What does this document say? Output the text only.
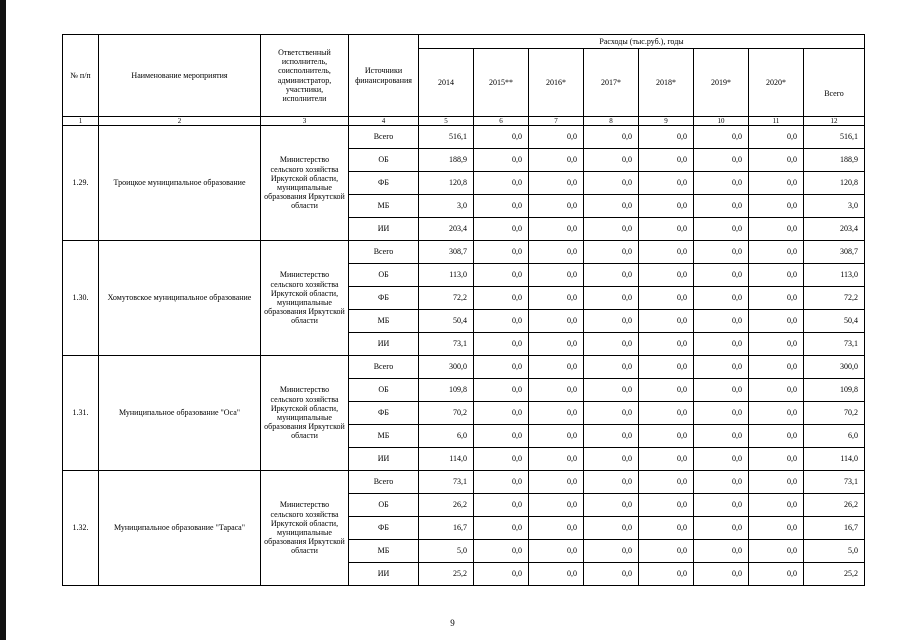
№ п/п	Наименование мероприятия	Ответственный исполнитель, соисполнитель, администратор, участники, исполнители	Источники финансирования	Расходы (тыс.руб.), годы							
				2014	2015**	2016*	2017*	2018*	2019*	2020*	Всего
1	2	3	4	5	6	7	8	9	10	11	12
1.29.	Троицкое муниципальное образование	Министерство сельского хозяйства Иркутской области, муниципальные образования Иркутской области	Всего	516,1	0,0	0,0	0,0	0,0	0,0	0,0	516,1
			ОБ	188,9	0,0	0,0	0,0	0,0	0,0	0,0	188,9
			ФБ	120,8	0,0	0,0	0,0	0,0	0,0	0,0	120,8
			МБ	3,0	0,0	0,0	0,0	0,0	0,0	0,0	3,0
			ИИ	203,4	0,0	0,0	0,0	0,0	0,0	0,0	203,4
1.30.	Хомутовское муниципальное образование	Министерство сельского хозяйства Иркутской области, муниципальные образования Иркутской области	Всего	308,7	0,0	0,0	0,0	0,0	0,0	0,0	308,7
			ОБ	113,0	0,0	0,0	0,0	0,0	0,0	0,0	113,0
			ФБ	72,2	0,0	0,0	0,0	0,0	0,0	0,0	72,2
			МБ	50,4	0,0	0,0	0,0	0,0	0,0	0,0	50,4
			ИИ	73,1	0,0	0,0	0,0	0,0	0,0	0,0	73,1
1.31.	Муниципальное образование "Оса"	Министерство сельского хозяйства Иркутской области, муниципальные образования Иркутской области	Всего	300,0	0,0	0,0	0,0	0,0	0,0	0,0	300,0
			ОБ	109,8	0,0	0,0	0,0	0,0	0,0	0,0	109,8
			ФБ	70,2	0,0	0,0	0,0	0,0	0,0	0,0	70,2
			МБ	6,0	0,0	0,0	0,0	0,0	0,0	0,0	6,0
			ИИ	114,0	0,0	0,0	0,0	0,0	0,0	0,0	114,0
1.32.	Муниципальное образование "Тарасa"	Министерство сельского хозяйства Иркутской области, муниципальные образования Иркутской области	Всего	73,1	0,0	0,0	0,0	0,0	0,0	0,0	73,1
			ОБ	26,2	0,0	0,0	0,0	0,0	0,0	0,0	26,2
			ФБ	16,7	0,0	0,0	0,0	0,0	0,0	0,0	16,7
			МБ	5,0	0,0	0,0	0,0	0,0	0,0	0,0	5,0
			ИИ	25,2	0,0	0,0	0,0	0,0	0,0	0,0	25,2
9
